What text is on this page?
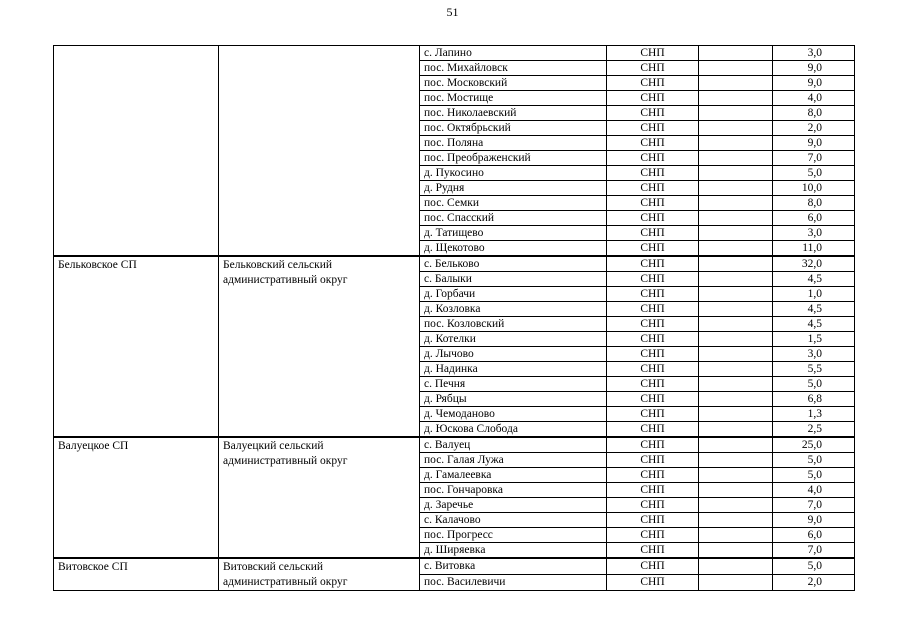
51
		с. Лапино	СНП		3,0
		пос. Михайловск	СНП		9,0
		пос. Московский	СНП		9,0
		пос. Мостище	СНП		4,0
		пос. Николаевский	СНП		8,0
		пос. Октябрьский	СНП		2,0
		пос. Поляна	СНП		9,0
		пос. Преображенский	СНП		7,0
		д. Пукосино	СНП		5,0
		д. Рудня	СНП		10,0
		пос. Семки	СНП		8,0
		пос. Спасский	СНП		6,0
		д. Татищево	СНП		3,0
		д. Щекотово	СНП		11,0
Бельковское СП	Бельковский сельский административный округ	с. Бельково	СНП		32,0
		с. Балыки	СНП		4,5
		д. Горбачи	СНП		1,0
		д. Козловка	СНП		4,5
		пос. Козловский	СНП		4,5
		д. Котелки	СНП		1,5
		д. Лычово	СНП		3,0
		д. Надинка	СНП		5,5
		с. Печня	СНП		5,0
		д. Рябцы	СНП		6,8
		д. Чемоданово	СНП		1,3
		д. Юскова Слобода	СНП		2,5
Валуецкое СП	Валуецкий сельский административный округ	с. Валуец	СНП		25,0
		пос. Галая Лужа	СНП		5,0
		д. Гамалеевка	СНП		5,0
		пос. Гончаровка	СНП		4,0
		д. Заречье	СНП		7,0
		с. Калачово	СНП		9,0
		пос. Прогресс	СНП		6,0
		д. Ширяевка	СНП		7,0
Витовское СП	Витовский сельский административный округ	с. Витовка	СНП		5,0
		пос. Василевичи	СНП		2,0
